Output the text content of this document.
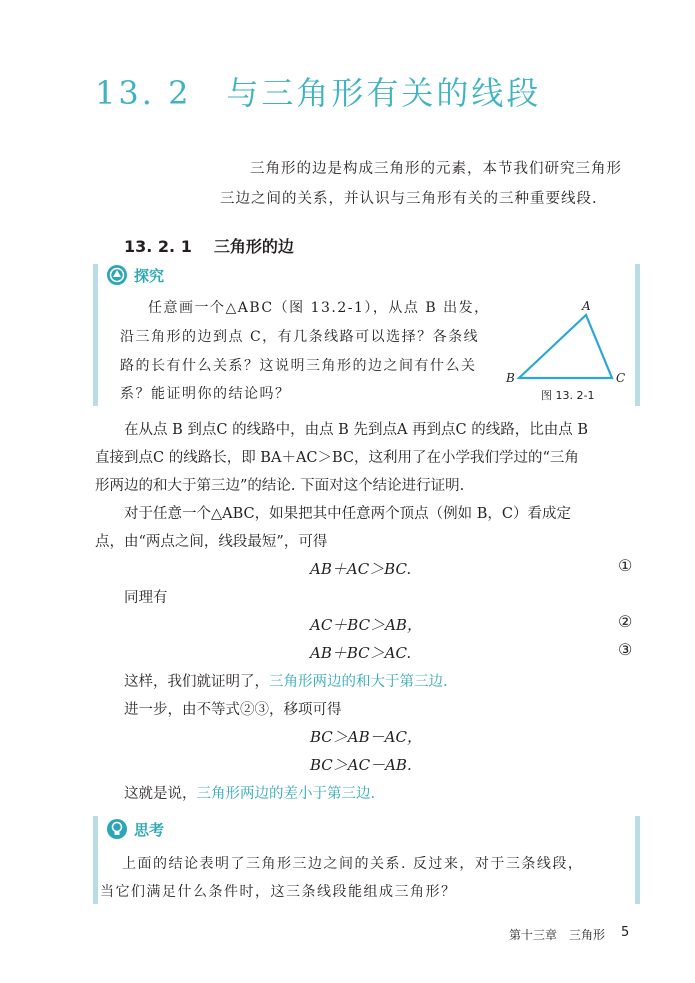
13. 2　与三角形有关的线段
三角形的边是构成三角形的元素，本节我们研究三角形
三边之间的关系，并认识与三角形有关的三种重要线段.
13. 2. 1 三角形的边
探究
任意画一个△ABC（图 13.2-1），从点 B 出发，
沿三角形的边到点 C，有几条线路可以选择？各条线
路的长有什么关系？这说明三角形的边之间有什么关
系？能证明你的结论吗？
A
B	C
图 13. 2-1
在从点 B 到点C 的线路中，由点 B 先到点A 再到点C 的线路，比由点 B
直接到点C 的线路长，即 BA＋AC＞BC，这利用了在小学我们学过的“三角
形两边的和大于第三边”的结论. 下面对这个结论进行证明.
对于任意一个△ABC，如果把其中任意两个顶点（例如 B，C）看成定
点，由“两点之间，线段最短”，可得
AB＋AC＞BC.	①
同理有
AC＋BC＞AB，	②
AB＋BC＞AC.	③
这样，我们就证明了，三角形两边的和大于第三边.
进一步，由不等式②③，移项可得
BC＞AB－AC，
BC＞AC－AB.
这就是说，三角形两边的差小于第三边.
思考
上面的结论表明了三角形三边之间的关系. 反过来，对于三条线段，
当它们满足什么条件时，这三条线段能组成三角形？
第十三章　三角形 5
